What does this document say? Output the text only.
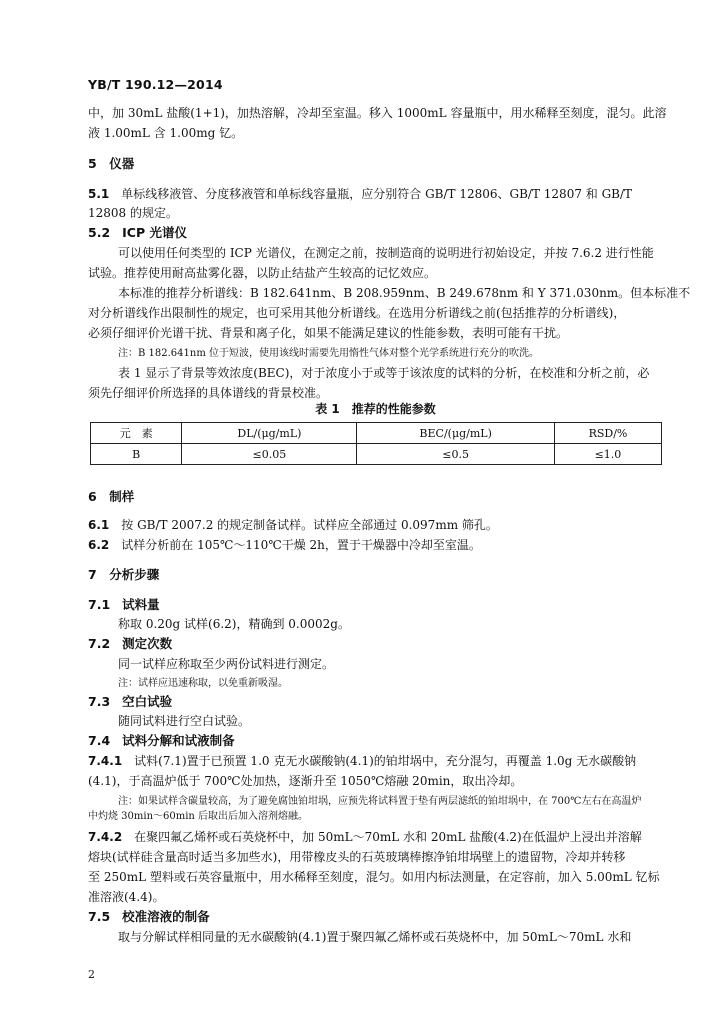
YB/T 190.12—2014
中，加 30mL 盐酸(1+1)，加热溶解，冷却至室温。移入 1000mL 容量瓶中，用水稀释至刻度，混匀。此溶
液 1.00mL 含 1.00mg 钇。
5　仪器
5.1 单标线移液管、分度移液管和单标线容量瓶，应分别符合 GB/T 12806、GB/T 12807 和 GB/T
12808 的规定。
5.2 ICP 光谱仪
可以使用任何类型的 ICP 光谱仪，在测定之前，按制造商的说明进行初始设定，并按 7.6.2 进行性能
试验。推荐使用耐高盐雾化器，以防止结盐产生较高的记忆效应。
本标准的推荐分析谱线：B 182.641nm、B 208.959nm、B 249.678nm 和 Y 371.030nm。但本标准不
对分析谱线作出限制性的规定，也可采用其他分析谱线。在选用分析谱线之前(包括推荐的分析谱线)，
必须仔细评价光谱干扰、背景和离子化，如果不能满足建议的性能参数，表明可能有干扰。
注：B 182.641nm 位于短波，使用该线时需要先用惰性气体对整个光学系统进行充分的吹洗。
表 1 显示了背景等效浓度(BEC)，对于浓度小于或等于该浓度的试料的分析，在校准和分析之前，必
须先仔细评价所选择的具体谱线的背景校准。
表 1　推荐的性能参数
元　素	DL/(μg/mL)	BEC/(μg/mL)	RSD/%
B	≤0.05	≤0.5	≤1.0
6　制样
6.1 按 GB/T 2007.2 的规定制备试样。试样应全部通过 0.097mm 筛孔。
6.2 试样分析前在 105℃～110℃干燥 2h，置于干燥器中冷却至室温。
7　分析步骤
7.1 试料量
称取 0.20g 试样(6.2)，精确到 0.0002g。
7.2 测定次数
同一试样应称取至少两份试料进行测定。
注：试样应迅速称取，以免重新吸湿。
7.3 空白试验
随同试料进行空白试验。
7.4 试料分解和试液制备
7.4.1 试料(7.1)置于已预置 1.0 克无水碳酸钠(4.1)的铂坩埚中，充分混匀，再覆盖 1.0g 无水碳酸钠
(4.1)，于高温炉低于 700℃处加热，逐渐升至 1050℃熔融 20min，取出冷却。
注：如果试样含碳量较高，为了避免腐蚀铂坩埚，应预先将试料置于垫有两层滤纸的铂坩埚中，在 700℃左右在高温炉
中灼烧 30min～60min 后取出后加入溶剂熔融。
7.4.2 在聚四氟乙烯杯或石英烧杯中，加 50mL～70mL 水和 20mL 盐酸(4.2)在低温炉上浸出并溶解
熔块(试样硅含量高时适当多加些水)，用带橡皮头的石英玻璃棒擦净铂坩埚壁上的遗留物，冷却并转移
至 250mL 塑料或石英容量瓶中，用水稀释至刻度，混匀。如用内标法测量，在定容前，加入 5.00mL 钇标
准溶液(4.4)。
7.5 校准溶液的制备
取与分解试样相同量的无水碳酸钠(4.1)置于聚四氟乙烯杯或石英烧杯中，加 50mL～70mL 水和
2
